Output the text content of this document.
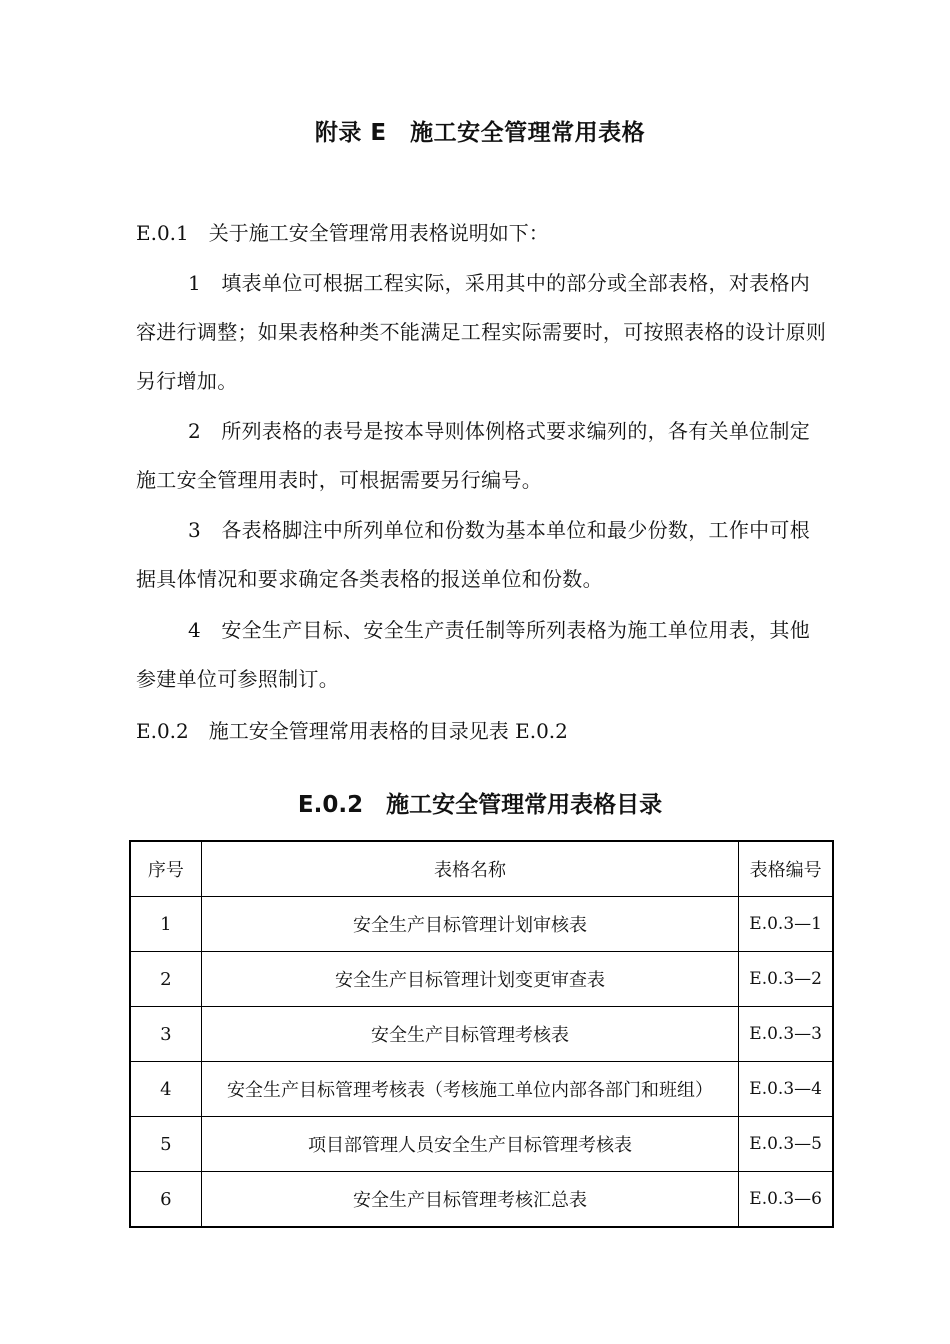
附录 E　施工安全管理常用表格
E.0.1　关于施工安全管理常用表格说明如下：
1　填表单位可根据工程实际，采用其中的部分或全部表格，对表格内容进行调整；如果表格种类不能满足工程实际需要时，可按照表格的设计原则另行增加。
2　所列表格的表号是按本导则体例格式要求编列的，各有关单位制定施工安全管理用表时，可根据需要另行编号。
3　各表格脚注中所列单位和份数为基本单位和最少份数，工作中可根据具体情况和要求确定各类表格的报送单位和份数。
4　安全生产目标、安全生产责任制等所列表格为施工单位用表，其他参建单位可参照制订。
E.0.2　施工安全管理常用表格的目录见表 E.0.2
E.0.2　施工安全管理常用表格目录
序号	表格名称	表格编号
1	安全生产目标管理计划审核表	E.0.3—1
2	安全生产目标管理计划变更审查表	E.0.3—2
3	安全生产目标管理考核表	E.0.3—3
4	安全生产目标管理考核表（考核施工单位内部各部门和班组）	E.0.3—4
5	项目部管理人员安全生产目标管理考核表	E.0.3—5
6	安全生产目标管理考核汇总表	E.0.3—6
